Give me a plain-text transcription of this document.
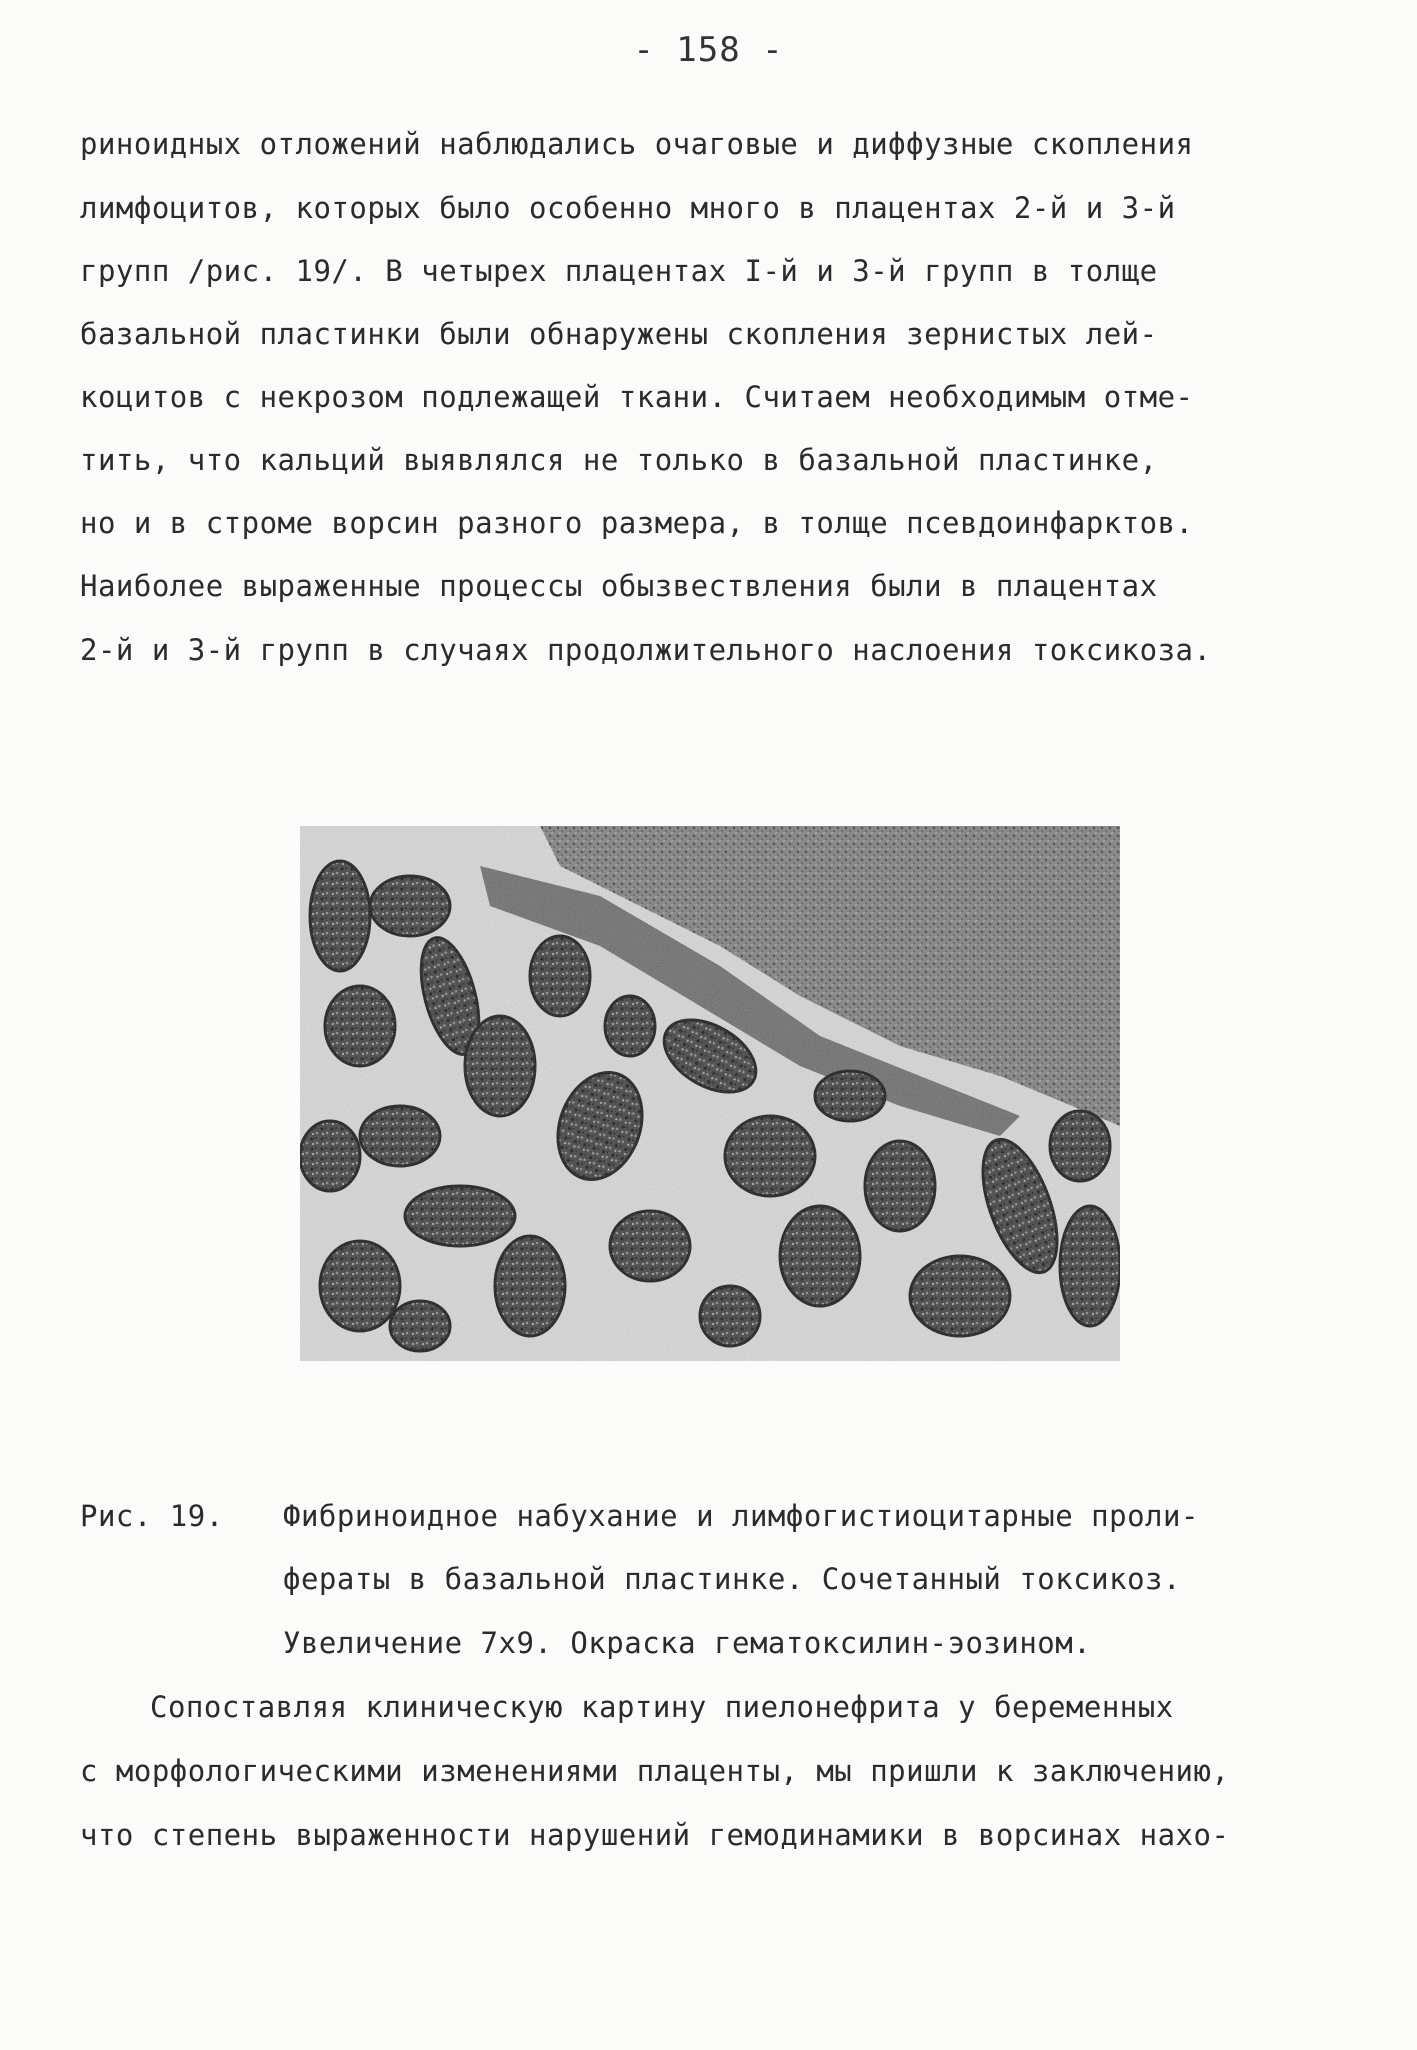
- 158 -
риноидных отложений наблюдались очаговые и диффузные скопления
лимфоцитов, которых было особенно много в плацентах 2-й и 3-й
групп /рис. 19/. В четырех плацентах I-й и 3-й групп в толще
базальной пластинки были обнаружены скопления зернистых лей-
коцитов с некрозом подлежащей ткани. Считаем необходимым отме-
тить, что кальций выявлялся не только в базальной пластинке,
но и в строме ворсин разного размера, в толще псевдоинфарктов.
Наиболее выраженные процессы обызвествления были в плацентах
2-й и 3-й групп в случаях продолжительного наслоения токсикоза.
Рис. 19. Фибриноидное набухание и лимфогистиоцитарные проли-
фераты в базальной пластинке. Сочетанный токсикоз.
Увеличение 7х9. Окраска гематоксилин-эозином.
Сопоставляя клиническую картину пиелонефрита у беременных
с морфологическими изменениями плаценты, мы пришли к заключению,
что степень выраженности нарушений гемодинамики в ворсинах нахо-
